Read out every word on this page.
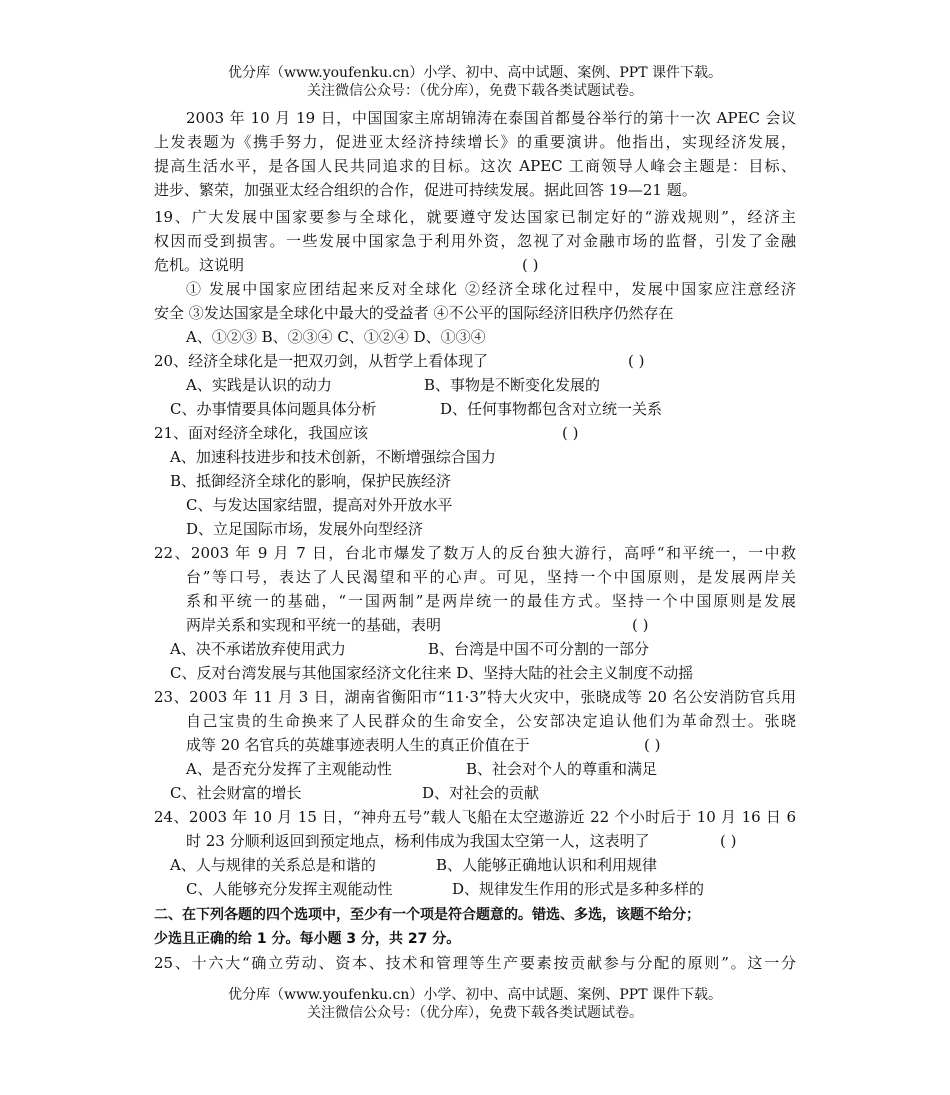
优分库（www.youfenku.cn）小学、初中、高中试题、案例、PPT 课件下载。
关注微信公众号：（优分库），免费下载各类试题试卷。
2003 年 10 月 19 日，中国国家主席胡锦涛在泰国首都曼谷举行的第十一次 APEC 会议
上发表题为《携手努力，促进亚太经济持续增长》的重要演讲。他指出，实现经济发展，
提高生活水平，是各国人民共同追求的目标。这次 APEC 工商领导人峰会主题是：目标、
进步、繁荣，加强亚太经合组织的合作，促进可持续发展。据此回答 19—21 题。
19、广大发展中国家要参与全球化，就要遵守发达国家已制定好的“游戏规则”，经济主
权因而受到损害。一些发展中国家急于利用外资，忽视了对金融市场的监督，引发了金融
危机。这说明	( )
① 发展中国家应团结起来反对全球化 ②经济全球化过程中，发展中国家应注意经济
安全 ③发达国家是全球化中最大的受益者 ④不公平的国际经济旧秩序仍然存在
A、①②③ B、②③④ C、①②④ D、①③④
20、经济全球化是一把双刃剑，从哲学上看体现了	( )
A、实践是认识的动力	B、事物是不断变化发展的
C、办事情要具体问题具体分析	D、任何事物都包含对立统一关系
21、面对经济全球化，我国应该	( )
A、加速科技进步和技术创新，不断增强综合国力
B、抵御经济全球化的影响，保护民族经济
C、与发达国家结盟，提高对外开放水平
D、立足国际市场，发展外向型经济
22、2003 年 9 月 7 日，台北市爆发了数万人的反台独大游行，高呼“和平统一，一中救
台”等口号，表达了人民渴望和平的心声。可见，坚持一个中国原则，是发展两岸关
系和平统一的基础，“一国两制”是两岸统一的最佳方式。坚持一个中国原则是发展
两岸关系和实现和平统一的基础，表明	( )
A、决不承诺放弃使用武力	B、台湾是中国不可分割的一部分
C、反对台湾发展与其他国家经济文化往来 D、坚持大陆的社会主义制度不动摇
23、2003 年 11 月 3 日，湖南省衡阳市“11·3”特大火灾中，张晓成等 20 名公安消防官兵用
自己宝贵的生命换来了人民群众的生命安全，公安部决定追认他们为革命烈士。张晓
成等 20 名官兵的英雄事迹表明人生的真正价值在于	( )
A、是否充分发挥了主观能动性	B、社会对个人的尊重和满足
C、社会财富的增长	D、对社会的贡献
24、2003 年 10 月 15 日，“神舟五号”载人飞船在太空遨游近 22 个小时后于 10 月 16 日 6
时 23 分顺利返回到预定地点，杨利伟成为我国太空第一人，这表明了	( )
A、人与规律的关系总是和谐的	B、人能够正确地认识和利用规律
C、人能够充分发挥主观能动性	D、规律发生作用的形式是多种多样的
二、在下列各题的四个选项中，至少有一个项是符合题意的。错选、多选，该题不给分；
少选且正确的给 1 分。每小题 3 分，共 27 分。
25、十六大“确立劳动、资本、技术和管理等生产要素按贡献参与分配的原则”。这一分
优分库（www.youfenku.cn）小学、初中、高中试题、案例、PPT 课件下载。
关注微信公众号：（优分库），免费下载各类试题试卷。
